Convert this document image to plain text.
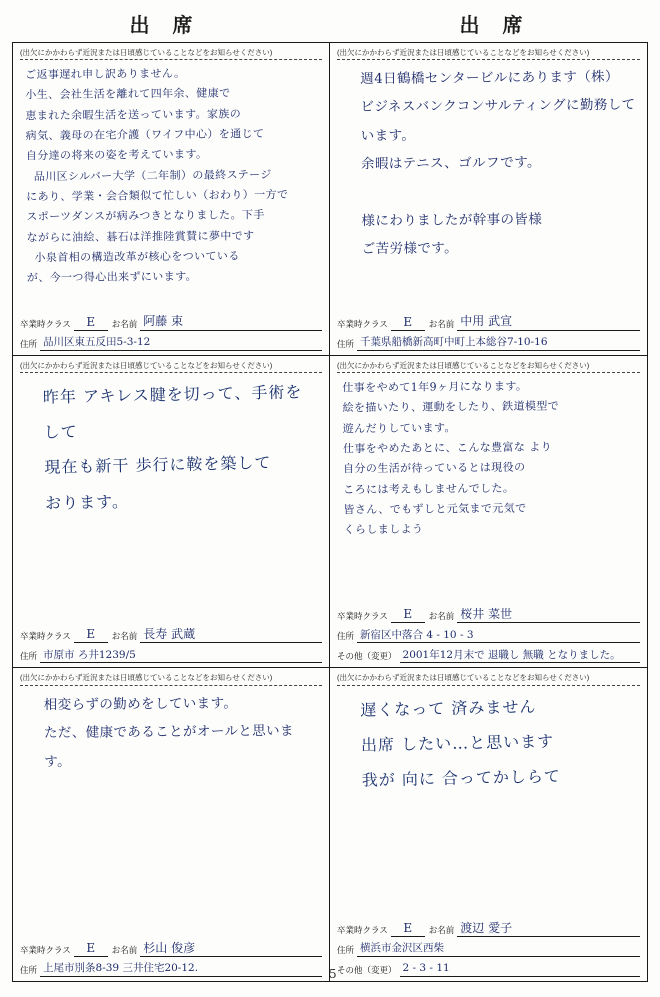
出 席	出 席
(出欠にかかわらず近況または日頃感じていることなどをお知らせください)
ご返事遅れ申し訳ありません。
小生、会社生活を離れて四年余、健康で
恵まれた余暇生活を送っています。家族の
病気、義母の在宅介護（ワイフ中心）を通じて
自分達の将来の姿を考えています。
品川区シルバー大学（二年制）の最終ステージ
にあり、学業・会合類似て忙しい（おわり）一方で
スポーツダンスが病みつきとなりました。下手
ながらに油絵、碁石は洋推陸賞賛に夢中です
小泉首相の構造改革が核心をついている
が、今一つ得心出来ずにいます。
卒業時クラス	E	お名前 阿藤 束
住所 品川区東五反田5-3-12
(出欠にかかわらず近況または日頃感じていることなどをお知らせください)
週4日鶴橋センタービルにあります（株）
ビジネスバンクコンサルティングに勤務して
います。
余暇はテニス、ゴルフです。

様にわりましたが幹事の皆様
ご苦労様です。
卒業時クラス	E	お名前 中用 武宣
住所 千葉県船橋新高町中町上本総谷7-10-16
(出欠にかかわらず近況または日頃感じていることなどをお知らせください)
昨年 アキレス腱を切って、手術をして
現在も新干 歩行に鞍を築して
おります。
卒業時クラス	E	お名前 長寿 武蔵
住所 市原市 ろ井1239/5
(出欠にかかわらず近況または日頃感じていることなどをお知らせください)
仕事をやめて1年9ヶ月になります。
絵を描いたり、運動をしたり、鉄道模型で
遊んだりしています。
仕事をやめたあとに、こんな豊富な より
自分の生活が待っているとは現役の
ころには考えもしませんでした。
皆さん、でもずしと元気まで元気で
くらしましよう
卒業時クラス	E	お名前 桜井 菜世
住所 新宿区中落合 4 - 10 - 3
その他（変更） 2001年12月末で 退職し 無職 となりました。
(出欠にかかわらず近況または日頃感じていることなどをお知らせください)
相変らずの勤めをしています。
ただ、健康であることがオールと思います。
卒業時クラス	E	お名前 杉山 俊彦
住所 上尾市別条8-39 三井住宅20-12.
(出欠にかかわらず近況または日頃感じていることなどをお知らせください)
遅くなって 済みません
出席 したい…と思います
我が 向に 合ってかしらて
卒業時クラス	E	お名前 渡辺 愛子
住所 横浜市金沢区西柴
その他（変更） 2 - 3 - 11
5
